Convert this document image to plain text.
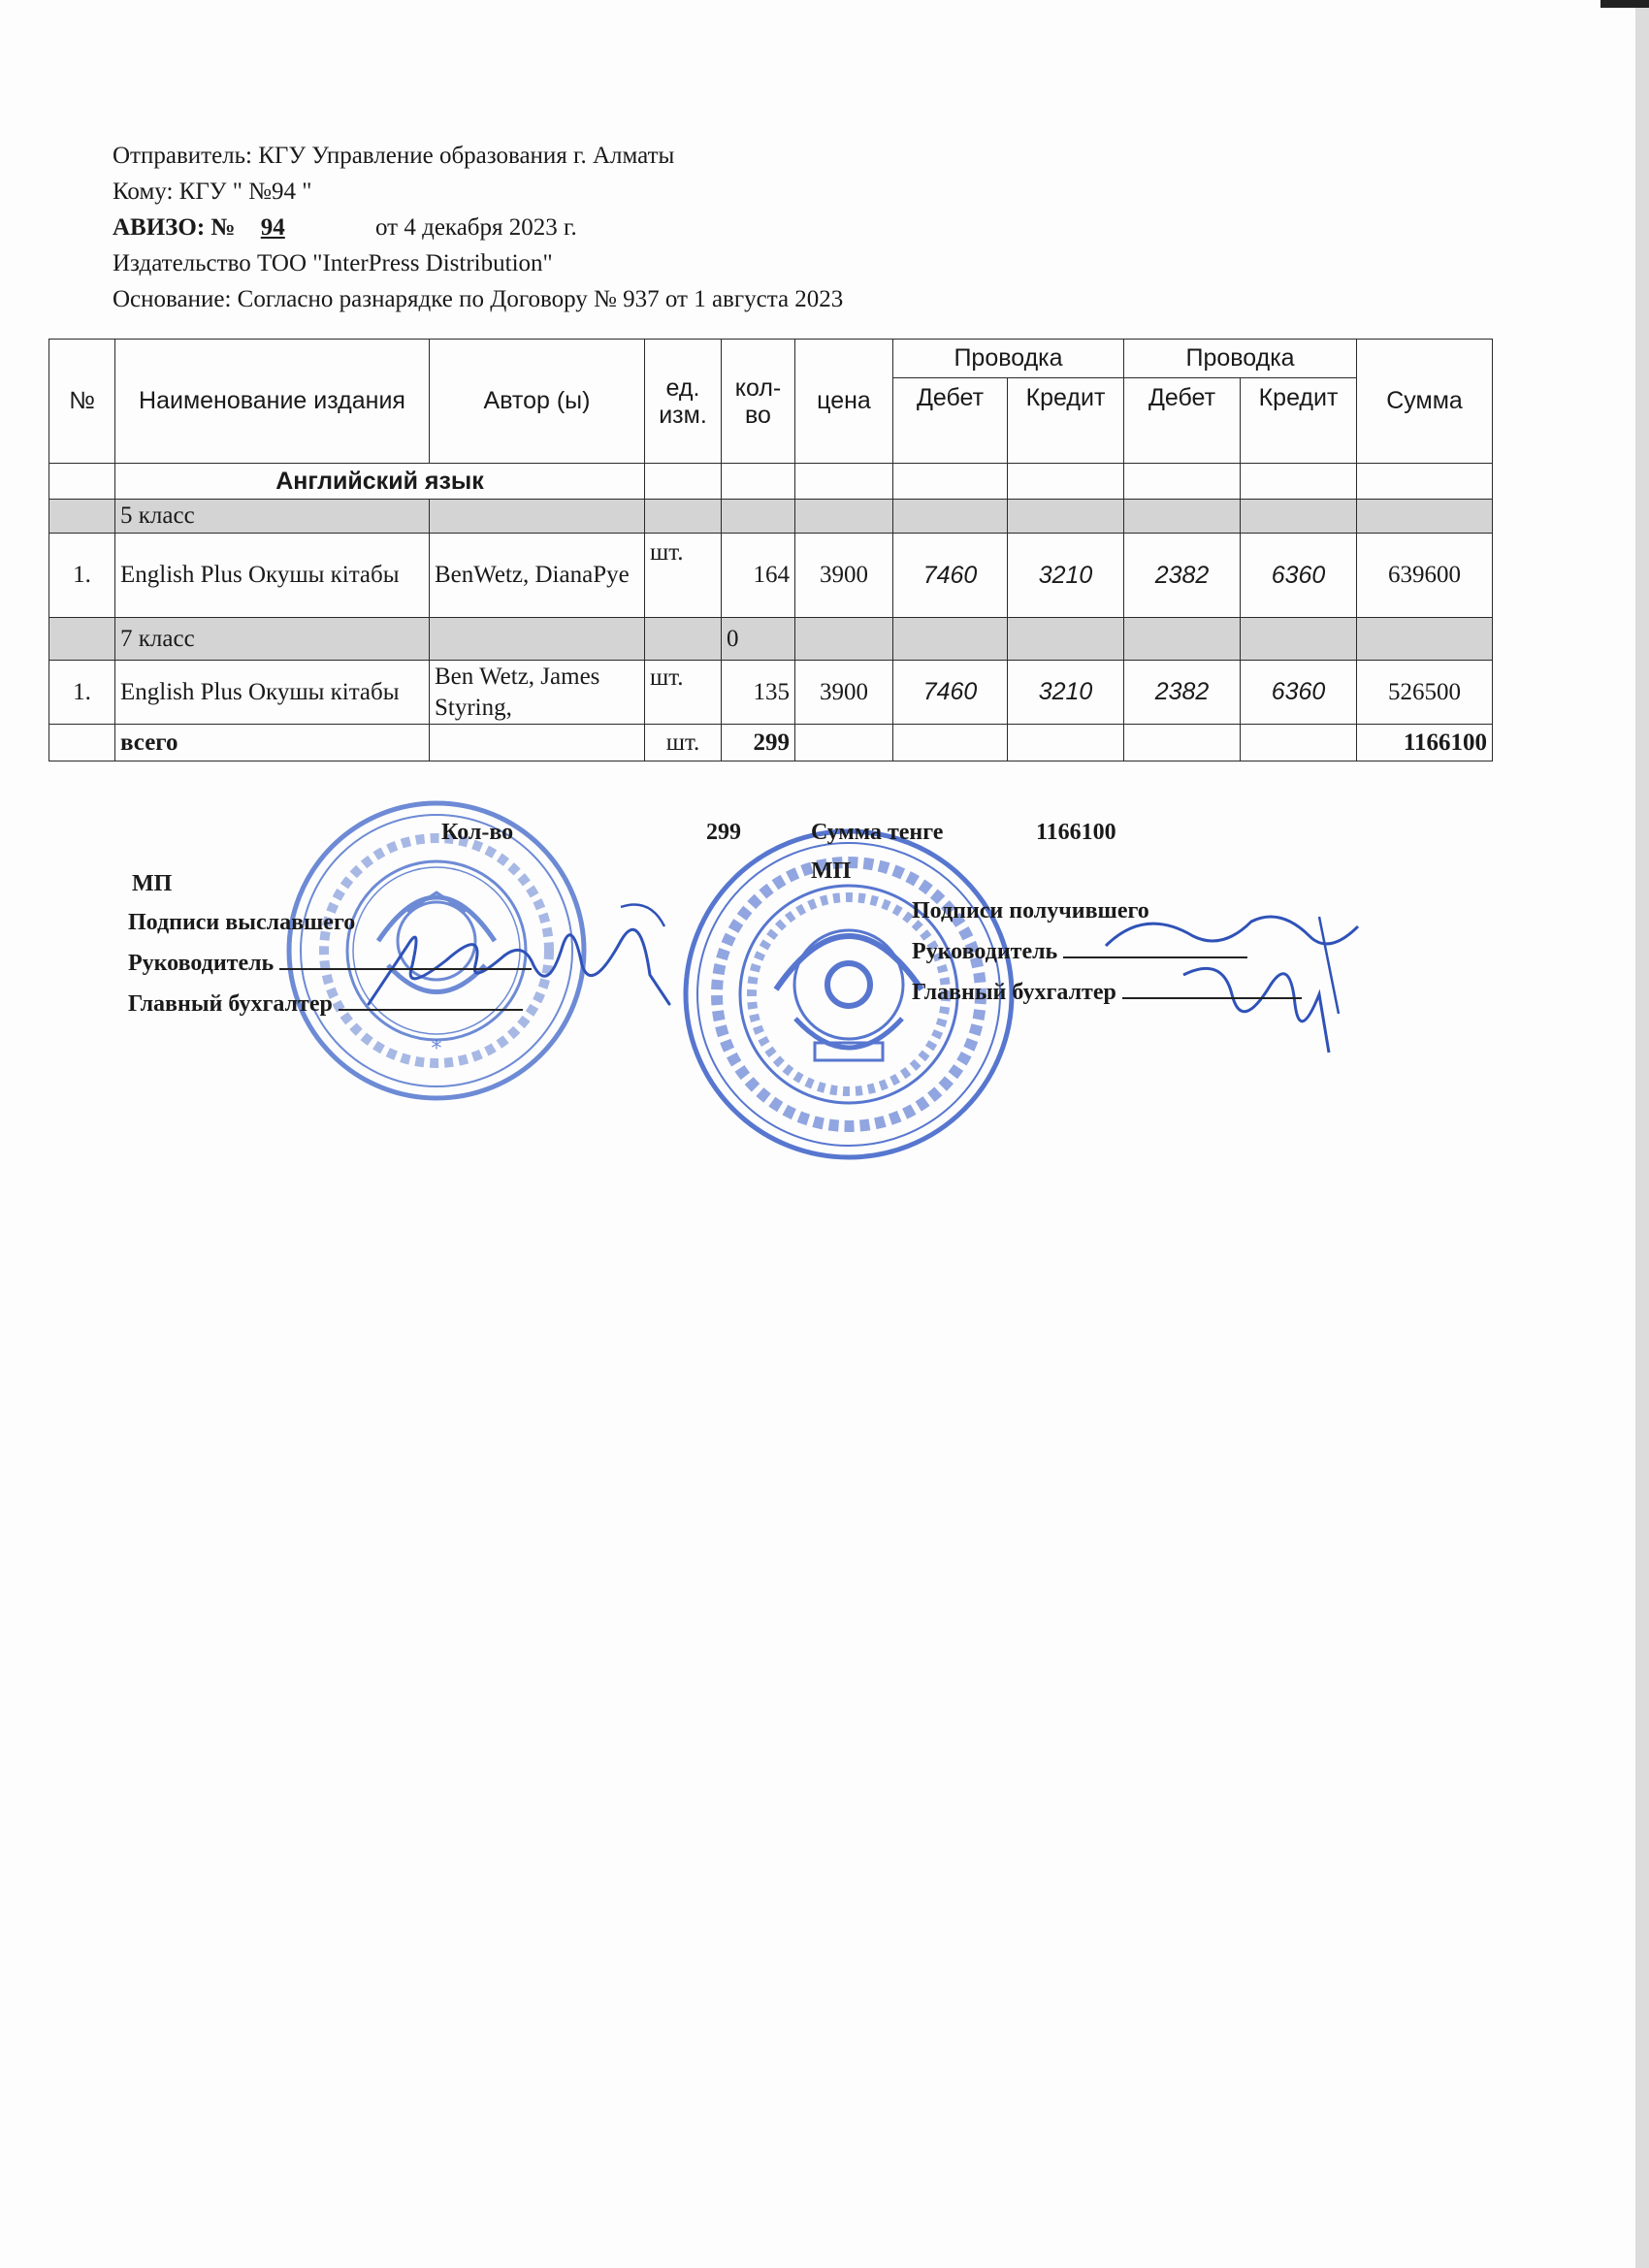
Отправитель: КГУ Управление образования г. Алматы
Кому: КГУ " №94 "
АВИЗО: № 94	от 4 декабря 2023 г.
Издательство ТОО "InterPress Distribution"
Основание: Согласно разнарядке по Договору № 937 от 1 августа 2023
№	Наименование издания	Автор (ы)	ед. изм.	кол-во	цена	Проводка		Проводка		Сумма
						Дебет	Кредит	Дебет	Кредит	
	Английский язык									
	5 класс									
1.	English Plus Окушы кітабы	BenWetz, DianaPye	шт.	164	3900	7460	3210	2382	6360	639600
	7 класс			0						
1.	English Plus Окушы кітабы	Ben Wetz, James Styring,	шт.	135	3900	7460	3210	2382	6360	526500
	всего		шт.	299						1166100
*
Кол-во	299	Сумма тенге	1166100
МП	МП
Подписи выславшего	Подписи получившего
Руководитель	Руководитель
Главный бухгалтер	Главный бухгалтер
